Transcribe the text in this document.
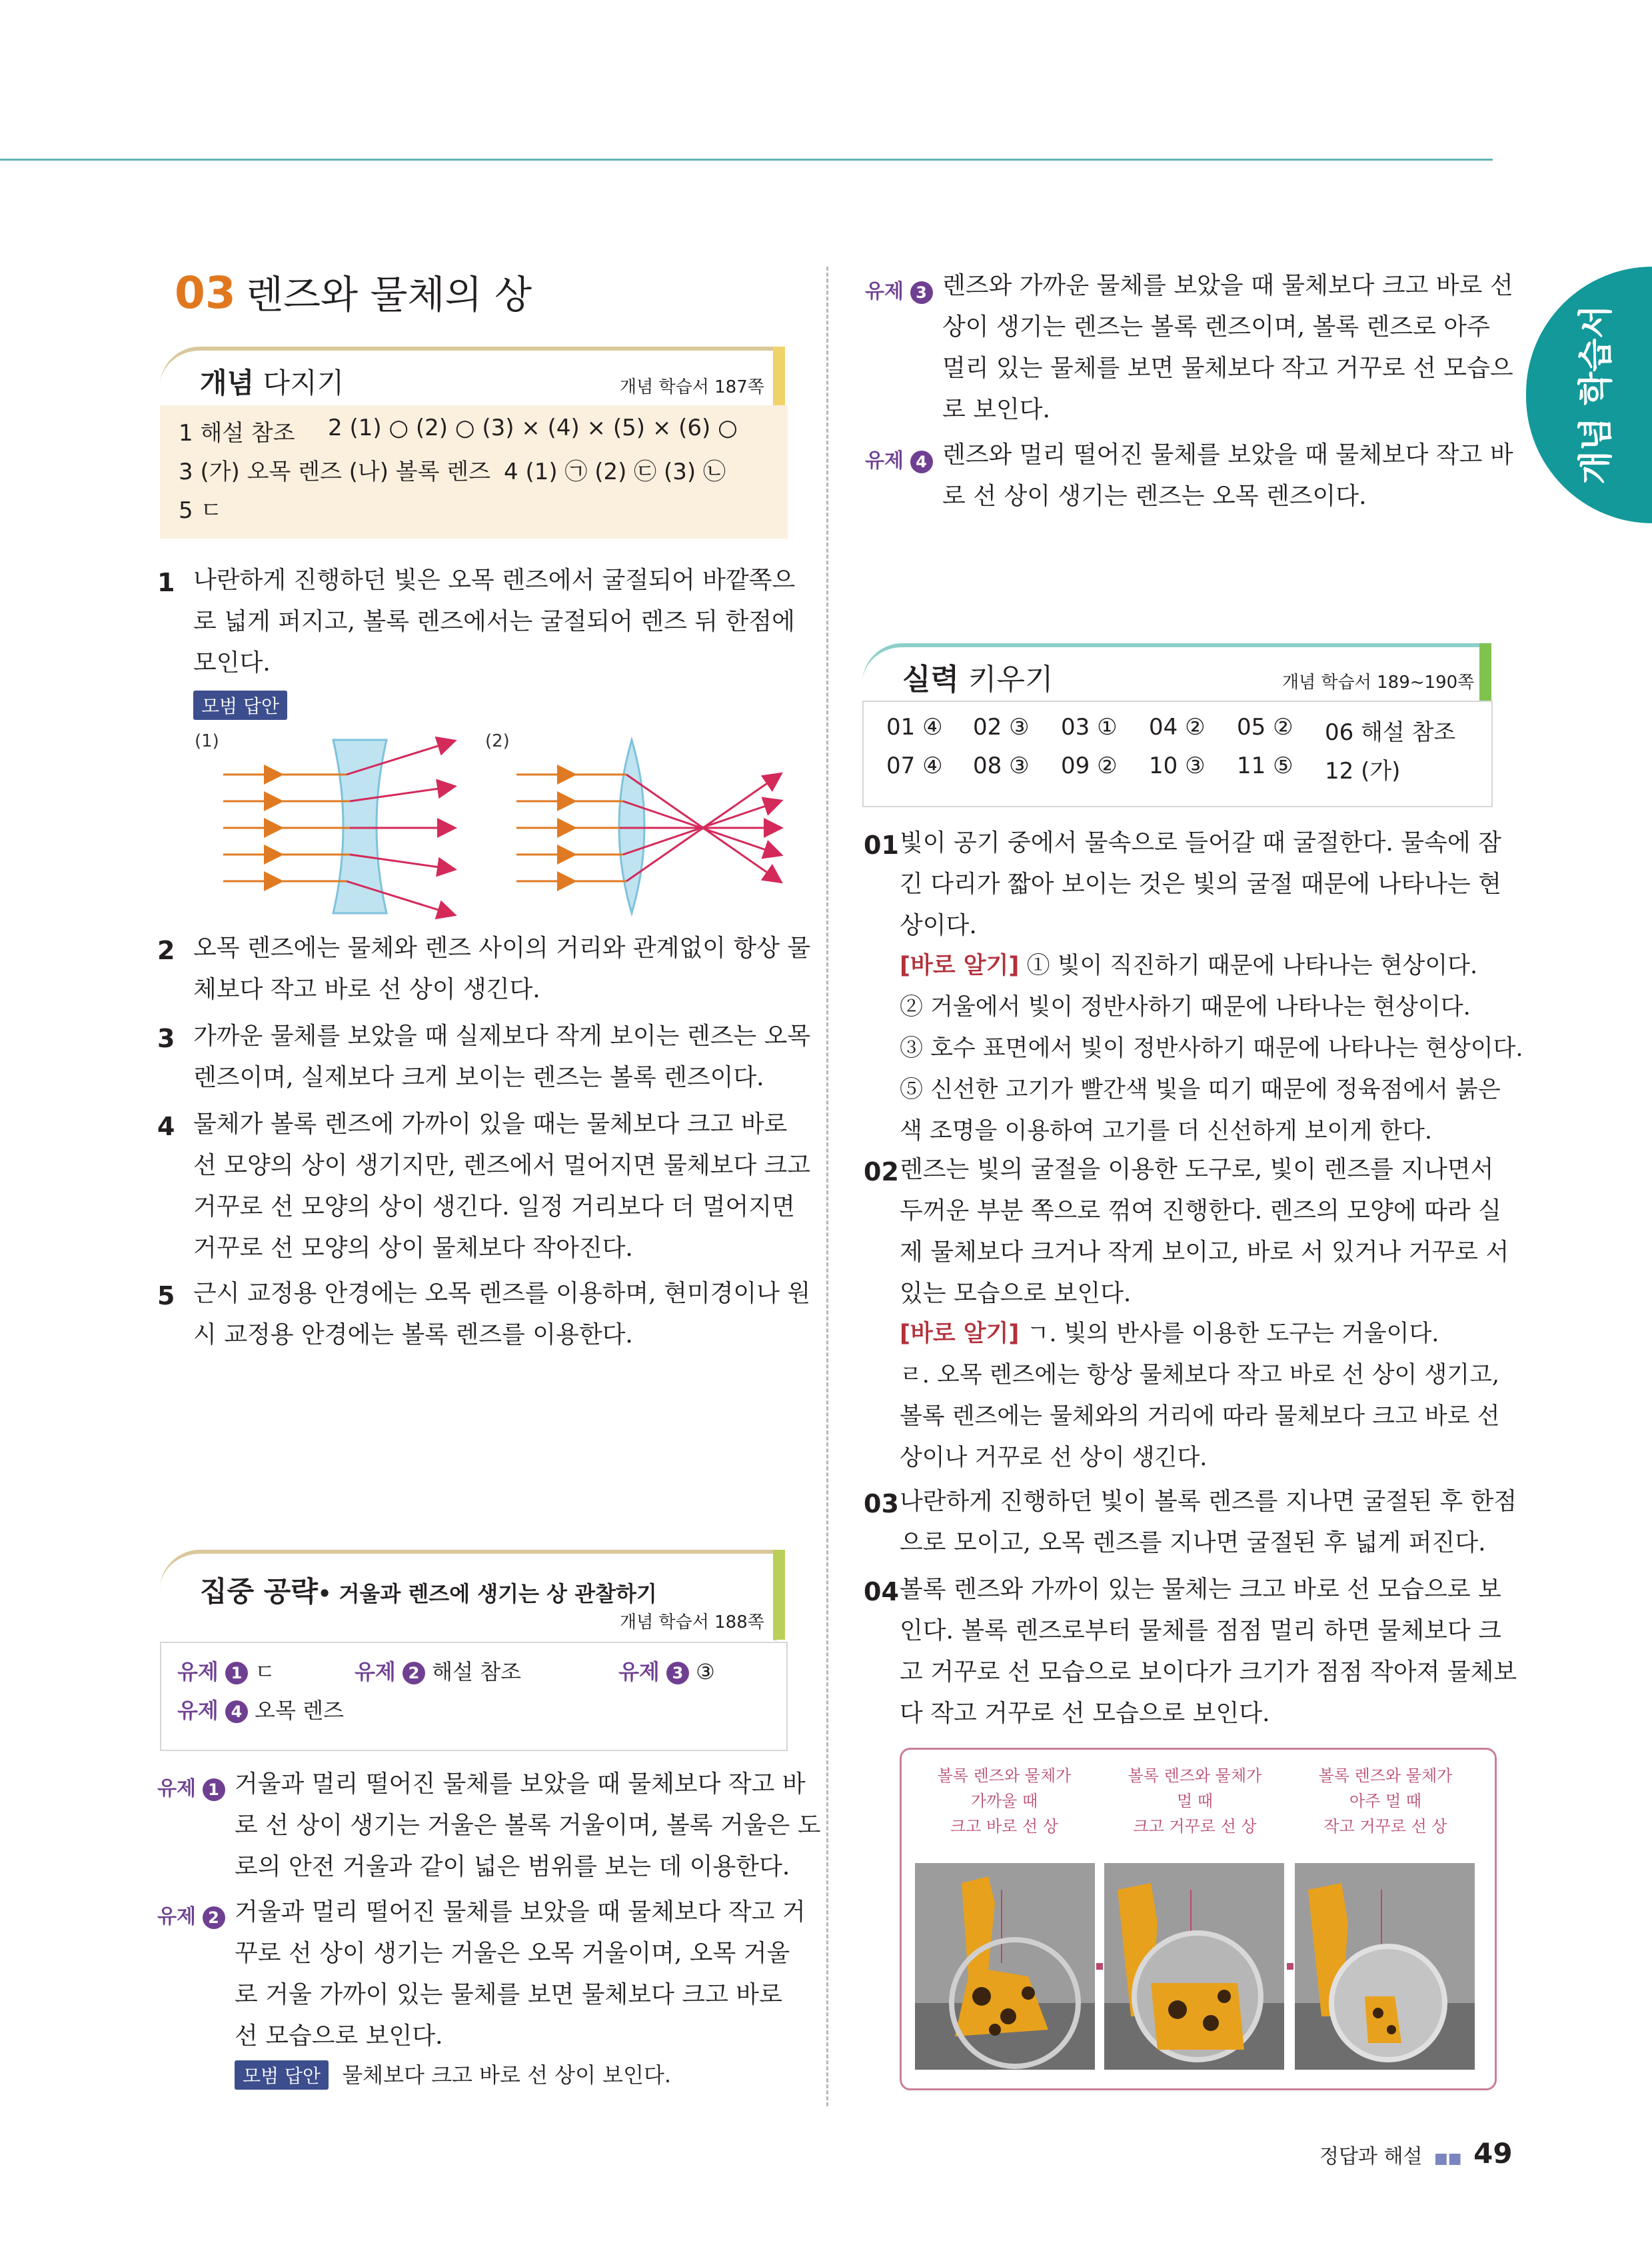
개념 학습서
03 렌즈와 물체의 상
개념 다지기	개념 학습서 187쪽
1 해설 참조 2 (1) ○ (2) ○ (3) × (4) × (5) × (6) ○
3 (가) 오목 렌즈 (나) 볼록 렌즈 4 (1) ㉠ (2) ㉢ (3) ㉡
5 ㄷ
1 나란하게 진행하던 빛은 오목 렌즈에서 굴절되어 바깥쪽으
로 넓게 퍼지고, 볼록 렌즈에서는 굴절되어 렌즈 뒤 한점에
모인다.
모범 답안
(1)	(2)
2 오목 렌즈에는 물체와 렌즈 사이의 거리와 관계없이 항상 물
체보다 작고 바로 선 상이 생긴다.
3 가까운 물체를 보았을 때 실제보다 작게 보이는 렌즈는 오목
렌즈이며, 실제보다 크게 보이는 렌즈는 볼록 렌즈이다.
4 물체가 볼록 렌즈에 가까이 있을 때는 물체보다 크고 바로
선 모양의 상이 생기지만, 렌즈에서 멀어지면 물체보다 크고
거꾸로 선 모양의 상이 생긴다. 일정 거리보다 더 멀어지면
거꾸로 선 모양의 상이 물체보다 작아진다.
5 근시 교정용 안경에는 오목 렌즈를 이용하며, 현미경이나 원
시 교정용 안경에는 볼록 렌즈를 이용한다.
집중 공략• 거울과 렌즈에 생기는 상 관찰하기
개념 학습서 188쪽
유제 1 ㄷ	유제 2 해설 참조	유제 3 ③
유제 4 오목 렌즈
유제 1 거울과 멀리 떨어진 물체를 보았을 때 물체보다 작고 바
로 선 상이 생기는 거울은 볼록 거울이며, 볼록 거울은 도
로의 안전 거울과 같이 넓은 범위를 보는 데 이용한다.
유제 2 거울과 멀리 떨어진 물체를 보았을 때 물체보다 작고 거
꾸로 선 상이 생기는 거울은 오목 거울이며, 오목 거울
로 거울 가까이 있는 물체를 보면 물체보다 크고 바로
선 모습으로 보인다.
모범 답안 물체보다 크고 바로 선 상이 보인다.
유제 3 렌즈와 가까운 물체를 보았을 때 물체보다 크고 바로 선
상이 생기는 렌즈는 볼록 렌즈이며, 볼록 렌즈로 아주
멀리 있는 물체를 보면 물체보다 작고 거꾸로 선 모습으
로 보인다.
유제 4 렌즈와 멀리 떨어진 물체를 보았을 때 물체보다 작고 바
로 선 상이 생기는 렌즈는 오목 렌즈이다.
실력 키우기	개념 학습서 189~190쪽
01 ④ 02 ③ 03 ① 04 ② 05 ② 06 해설 참조
07 ④ 08 ③ 09 ② 10 ③ 11 ⑤ 12 (가)
01 빛이 공기 중에서 물속으로 들어갈 때 굴절한다. 물속에 잠
긴 다리가 짧아 보이는 것은 빛의 굴절 때문에 나타나는 현
상이다.
[바로 알기] ① 빛이 직진하기 때문에 나타나는 현상이다.
② 거울에서 빛이 정반사하기 때문에 나타나는 현상이다.
③ 호수 표면에서 빛이 정반사하기 때문에 나타나는 현상이다.
⑤ 신선한 고기가 빨간색 빛을 띠기 때문에 정육점에서 붉은
색 조명을 이용하여 고기를 더 신선하게 보이게 한다.
02 렌즈는 빛의 굴절을 이용한 도구로, 빛이 렌즈를 지나면서
두꺼운 부분 쪽으로 꺾여 진행한다. 렌즈의 모양에 따라 실
제 물체보다 크거나 작게 보이고, 바로 서 있거나 거꾸로 서
있는 모습으로 보인다.
[바로 알기] ㄱ. 빛의 반사를 이용한 도구는 거울이다.
ㄹ. 오목 렌즈에는 항상 물체보다 작고 바로 선 상이 생기고,
볼록 렌즈에는 물체와의 거리에 따라 물체보다 크고 바로 선
상이나 거꾸로 선 상이 생긴다.
03 나란하게 진행하던 빛이 볼록 렌즈를 지나면 굴절된 후 한점
으로 모이고, 오목 렌즈를 지나면 굴절된 후 넓게 퍼진다.
04 볼록 렌즈와 가까이 있는 물체는 크고 바로 선 모습으로 보
인다. 볼록 렌즈로부터 물체를 점점 멀리 하면 물체보다 크
고 거꾸로 선 모습으로 보이다가 크기가 점점 작아져 물체보
다 작고 거꾸로 선 모습으로 보인다.
볼록 렌즈와 물체가
가까울 때
크고 바로 선 상
볼록 렌즈와 물체가
멀 때
크고 거꾸로 선 상
볼록 렌즈와 물체가
아주 멀 때
작고 거꾸로 선 상
정답과 해설 ■■ 49
